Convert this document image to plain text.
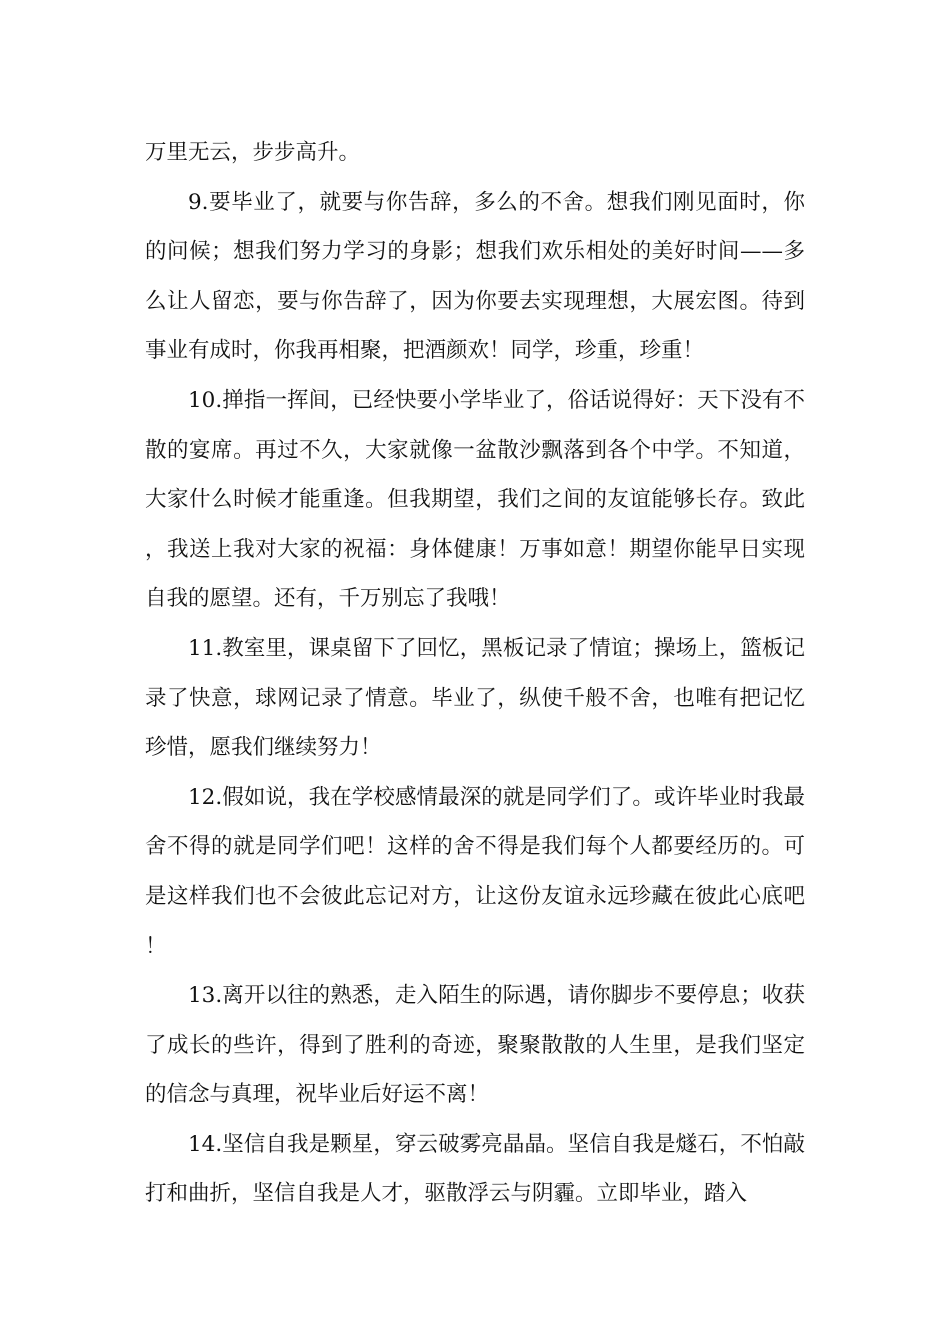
万里无云，步步高升。

9.要毕业了，就要与你告辞，多么的不舍。想我们刚见面时，你的问候；想我们努力学习的身影；想我们欢乐相处的美好时间——多么让人留恋，要与你告辞了，因为你要去实现理想，大展宏图。待到事业有成时，你我再相聚，把酒颜欢！同学，珍重，珍重！

10.掸指一挥间，已经快要小学毕业了，俗话说得好：天下没有不散的宴席。再过不久，大家就像一盆散沙飘落到各个中学。不知道，大家什么时候才能重逢。但我期望，我们之间的友谊能够长存。致此，我送上我对大家的祝福：身体健康！万事如意！期望你能早日实现自我的愿望。还有，千万别忘了我哦！

11.教室里，课桌留下了回忆，黑板记录了情谊；操场上，篮板记录了快意，球网记录了情意。毕业了，纵使千般不舍，也唯有把记忆珍惜，愿我们继续努力！

12.假如说，我在学校感情最深的就是同学们了。或许毕业时我最舍不得的就是同学们吧！这样的舍不得是我们每个人都要经历的。可是这样我们也不会彼此忘记对方，让这份友谊永远珍藏在彼此心底吧！

13.离开以往的熟悉，走入陌生的际遇，请你脚步不要停息；收获了成长的些许，得到了胜利的奇迹，聚聚散散的人生里，是我们坚定的信念与真理，祝毕业后好运不离！

14.坚信自我是颗星，穿云破雾亮晶晶。坚信自我是燧石，不怕敲打和曲折，坚信自我是人才，驱散浮云与阴霾。立即毕业，踏入
